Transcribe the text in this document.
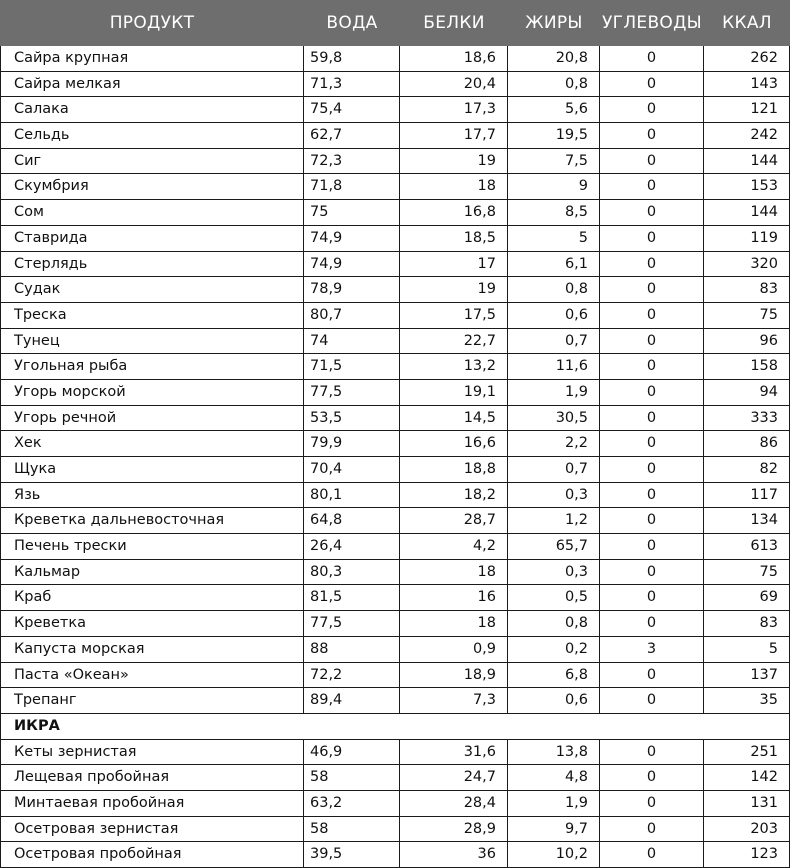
ПРОДУКТ	ВОДА	БЕЛКИ	ЖИРЫ	УГЛЕВОДЫ	ККАЛ
Сайра крупная	59,8	18,6	20,8	0	262
Сайра мелкая	71,3	20,4	0,8	0	143
Салака	75,4	17,3	5,6	0	121
Сельдь	62,7	17,7	19,5	0	242
Сиг	72,3	19	7,5	0	144
Скумбрия	71,8	18	9	0	153
Сом	75	16,8	8,5	0	144
Ставрида	74,9	18,5	5	0	119
Стерлядь	74,9	17	6,1	0	320
Судак	78,9	19	0,8	0	83
Треска	80,7	17,5	0,6	0	75
Тунец	74	22,7	0,7	0	96
Угольная рыба	71,5	13,2	11,6	0	158
Угорь морской	77,5	19,1	1,9	0	94
Угорь речной	53,5	14,5	30,5	0	333
Хек	79,9	16,6	2,2	0	86
Щука	70,4	18,8	0,7	0	82
Язь	80,1	18,2	0,3	0	117
Креветка дальневосточная	64,8	28,7	1,2	0	134
Печень трески	26,4	4,2	65,7	0	613
Кальмар	80,3	18	0,3	0	75
Краб	81,5	16	0,5	0	69
Креветка	77,5	18	0,8	0	83
Капуста морская	88	0,9	0,2	3	5
Паста «Океан»	72,2	18,9	6,8	0	137
Трепанг	89,4	7,3	0,6	0	35
ИКРА
Кеты зернистая	46,9	31,6	13,8	0	251
Лещевая пробойная	58	24,7	4,8	0	142
Минтаевая пробойная	63,2	28,4	1,9	0	131
Осетровая зернистая	58	28,9	9,7	0	203
Осетровая пробойная	39,5	36	10,2	0	123
